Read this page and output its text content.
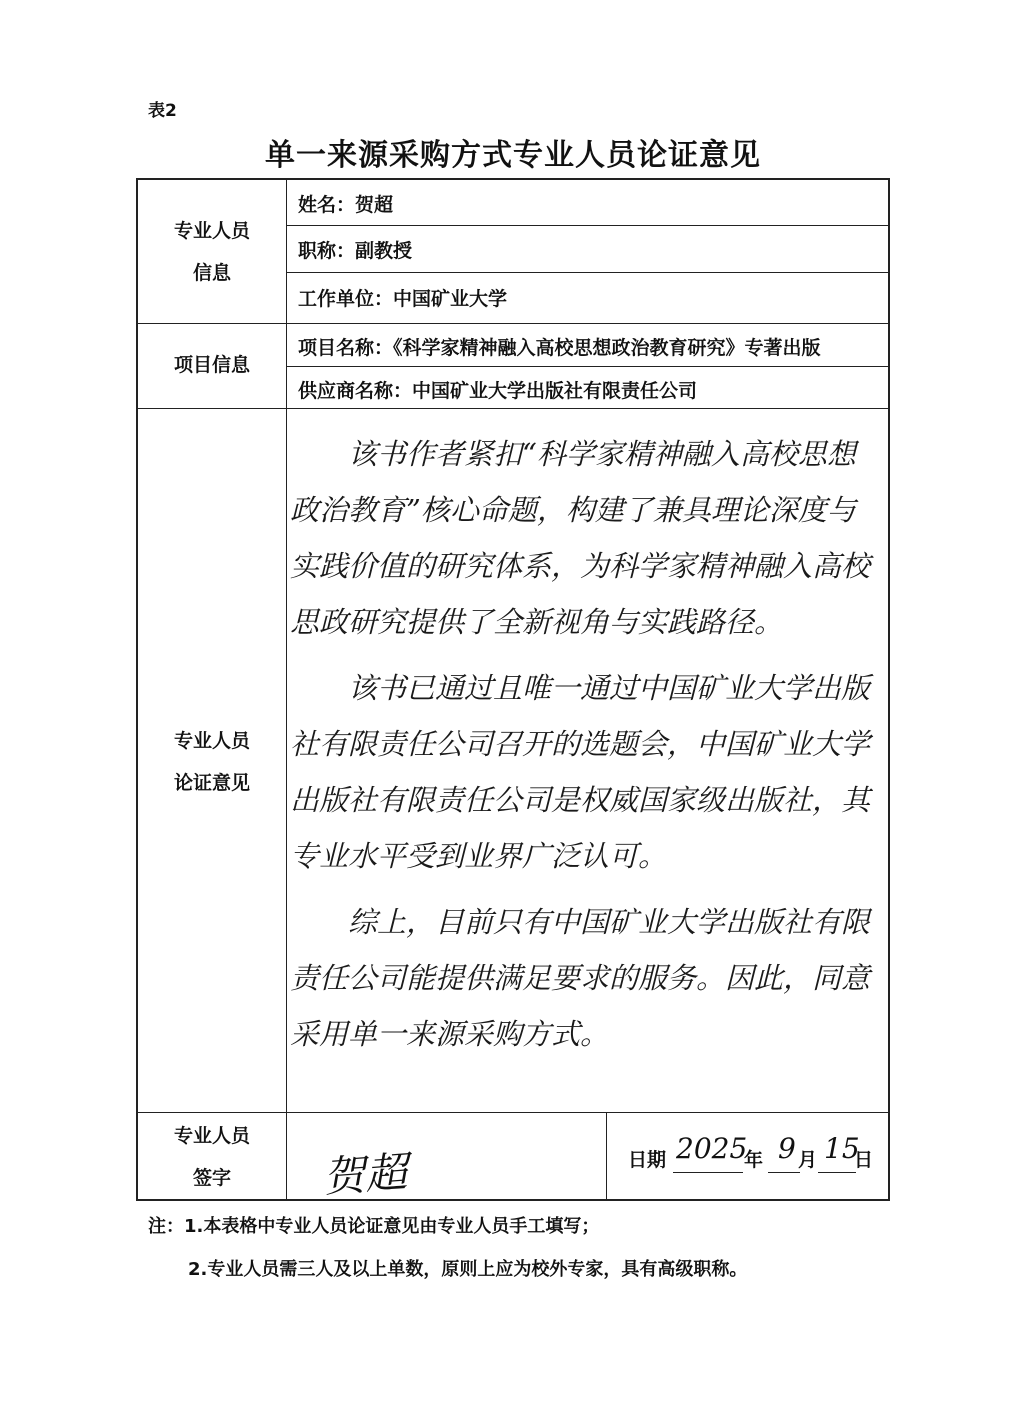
表2
单一来源采购方式专业人员论证意见
专业人员
信息
姓名：贺超
职称：副教授
工作单位：中国矿业大学
项目信息
项目名称：《科学家精神融入高校思想政治教育研究》专著出版
供应商名称：中国矿业大学出版社有限责任公司
专业人员
论证意见

该书作者紧扣“科学家精神融入高校思想政治教育”核心命题，构建了兼具理论深度与实践价值的研究体系，为科学家精神融入高校思政研究提供了全新视角与实践路径。

该书已通过且唯一通过中国矿业大学出版社有限责任公司召开的选题会，中国矿业大学出版社有限责任公司是权威国家级出版社，其专业水平受到业界广泛认可。

综上，目前只有中国矿业大学出版社有限责任公司能提供满足要求的服务。因此，同意采用单一来源采购方式。

专业人员
签字	贺超	日期 2025
年 9 月 15
日
注：1.本表格中专业人员论证意见由专业人员手工填写；
2.专业人员需三人及以上单数，原则上应为校外专家，具有高级职称。
